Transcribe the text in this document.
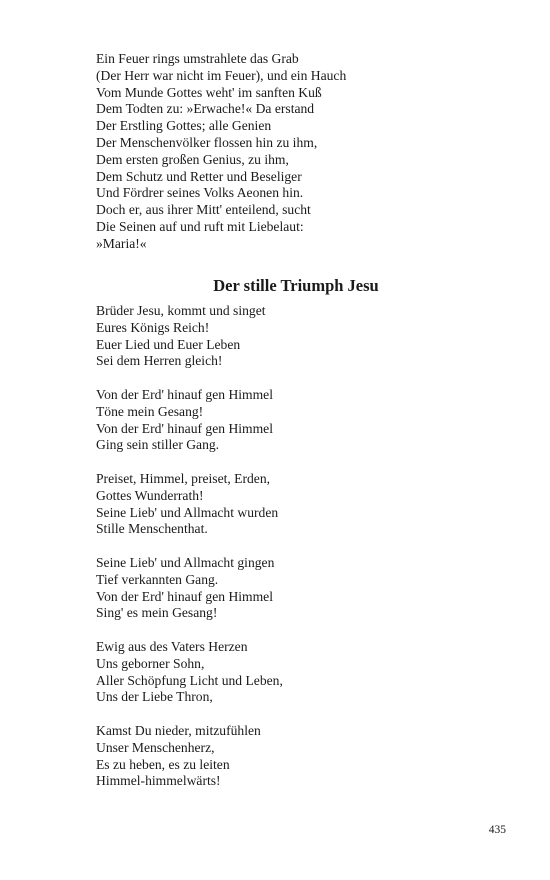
Ein Feuer rings umstrahlete das Grab
(Der Herr war nicht im Feuer), und ein Hauch
Vom Munde Gottes weht' im sanften Kuß
Dem Todten zu: »Erwache!« Da erstand
Der Erstling Gottes; alle Genien
Der Menschenvölker flossen hin zu ihm,
Dem ersten großen Genius, zu ihm,
Dem Schutz und Retter und Beseliger
Und Fördrer seines Volks Aeonen hin.
Doch er, aus ihrer Mitt' enteilend, sucht
Die Seinen auf und ruft mit Liebelaut:
»Maria!«
Der stille Triumph Jesu
Brüder Jesu, kommt und singet
Eures Königs Reich!
Euer Lied und Euer Leben
Sei dem Herren gleich!
Von der Erd' hinauf gen Himmel
Töne mein Gesang!
Von der Erd' hinauf gen Himmel
Ging sein stiller Gang.
Preiset, Himmel, preiset, Erden,
Gottes Wunderrath!
Seine Lieb' und Allmacht wurden
Stille Menschenthat.
Seine Lieb' und Allmacht gingen
Tief verkannten Gang.
Von der Erd' hinauf gen Himmel
Sing' es mein Gesang!
Ewig aus des Vaters Herzen
Uns geborner Sohn,
Aller Schöpfung Licht und Leben,
Uns der Liebe Thron,
Kamst Du nieder, mitzufühlen
Unser Menschenherz,
Es zu heben, es zu leiten
Himmel-himmelwärts!
435
